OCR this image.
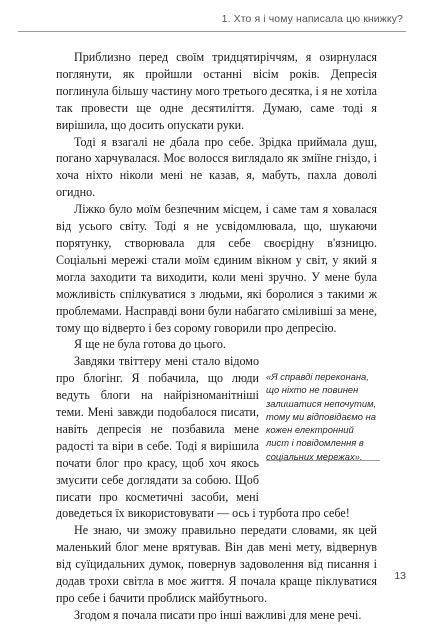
1. Хто я і чому написала цю книжку?

Приблизно перед своїм тридцятиріччям, я озирнулася поглянути, як пройшли останні вісім років. Депресія поглинула більшу частину мого третього десятка, і я не хотіла так провести ще одне десятиліття. Думаю, саме тоді я вирішила, що досить опускати руки.

Тоді я взагалі не дбала про себе. Зрідка приймала душ, погано харчувалася. Моє волосся виглядало як зміїне гніздо, і хоча ніхто ніколи мені не казав, я, мабуть, пахла доволі огидно.

Ліжко було моїм безпечним місцем, і саме там я ховалася від усього світу. Тоді я не усвідомлювала, що, шукаючи порятунку, створювала для себе своєрідну в'язницю. Соціальні мережі стали моїм єдиним вікном у світ, у який я могла заходити та виходити, коли мені зручно. У мене була можливість спілкуватися з людьми, які боролися з такими ж проблемами. Насправді вони були набагато сміливіші за мене, тому що відверто і без сорому говорили про депресію.

Я ще не була готова до цього.

Завдяки твіттеру мені стало відомо про блогінг. Я побачила, що люди ведуть блоги на найрізноманітніші теми. Мені завжди подобалося писати, навіть депресія не позбавила мене радості та віри в себе. Тоді я вирішила почати блог про красу, щоб хоч якось змусити себе доглядати за собою. Щоб писати про косметичні засоби, мені доведеться їх використовувати — ось і турбота про себе!

Не знаю, чи зможу правильно передати словами, як цей маленький блог мене врятував. Він дав мені мету, відвернув від суїцидальних думок, повернув задоволення від писання і додав трохи світла в моє життя. Я почала краще піклуватися про себе і бачити проблиск майбутнього.

Згодом я почала писати про інші важливі для мене речі.

«Я справді переконана, що ніхто не повинен залишатися непочутим, тому ми відповідаємо на кожен електронний лист і повідомлення в соціальних мережах».

13
